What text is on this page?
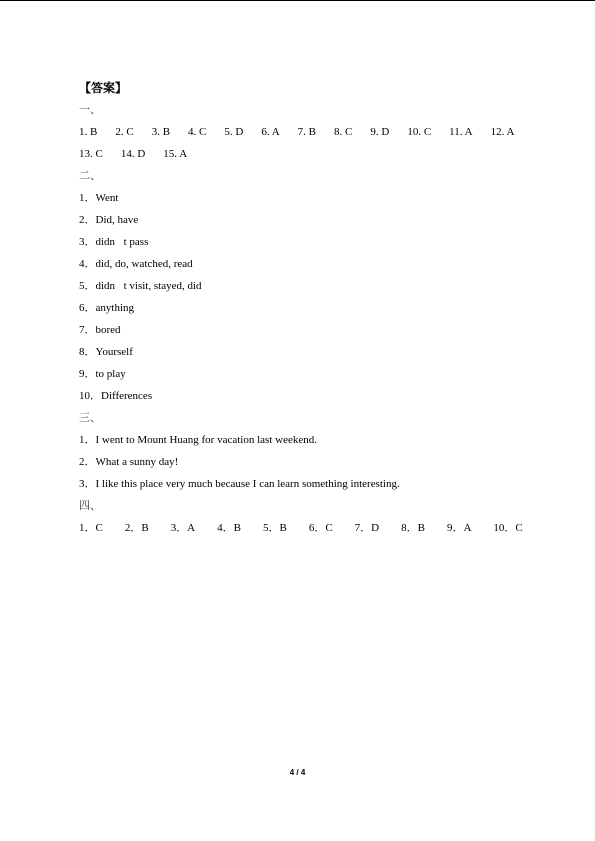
【答案】
一、
1. B 2. C 3. B 4. C 5. D 6. A 7. B 8. C 9. D 10. C 11. A 12. A
13. C 14. D 15. A
二、
1．Went
2．Did, have
3．didn t pass
4．did, do, watched, read
5．didn t visit, stayed, did
6．anything
7．bored
8．Yourself
9．to play
10．Differences
三、
1．I went to Mount Huang for vacation last weekend.
2．What a sunny day!
3．I like this place very much because I can learn something interesting.
四、
1．C 2．B 3．A 4．B 5．B 6．C 7．D 8．B 9．A 10．C
4 / 4
